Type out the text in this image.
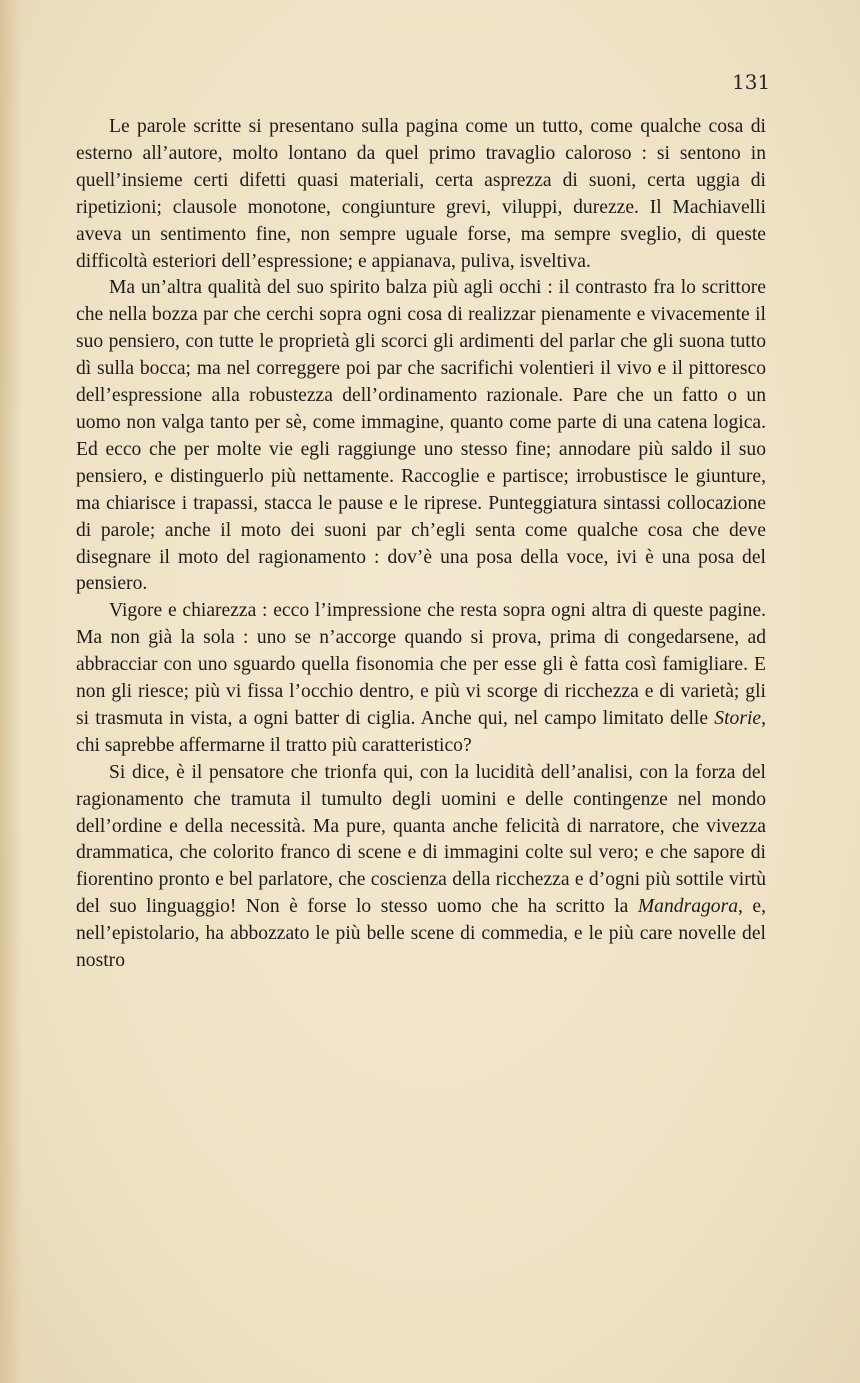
131

Le parole scritte si presentano sulla pagina come un tutto, come qualche cosa di esterno all’autore, molto lontano da quel primo travaglio caloroso : si sentono in quell’insieme certi difetti quasi materiali, certa asprezza di suoni, certa uggia di ripetizioni; clausole monotone, congiunture grevi, viluppi, durezze. Il Machiavelli aveva un sentimento fine, non sempre uguale forse, ma sempre sveglio, di queste difficoltà esteriori dell’espressione; e appianava, puliva, isveltiva.

Ma un’altra qualità del suo spirito balza più agli occhi : il contrasto fra lo scrittore che nella bozza par che cerchi sopra ogni cosa di realizzar pienamente e vivacemente il suo pensiero, con tutte le proprietà gli scorci gli ardimenti del parlar che gli suona tutto dì sulla bocca; ma nel correggere poi par che sacrifichi volentieri il vivo e il pittoresco dell’espressione alla robustezza dell’ordinamento razionale. Pare che un fatto o un uomo non valga tanto per sè, come immagine, quanto come parte di una catena logica. Ed ecco che per molte vie egli raggiunge uno stesso fine; annodare più saldo il suo pensiero, e distinguerlo più nettamente. Raccoglie e partisce; irrobustisce le giunture, ma chiarisce i trapassi, stacca le pause e le riprese. Punteggiatura sintassi collocazione di parole; anche il moto dei suoni par ch’egli senta come qualche cosa che deve disegnare il moto del ragionamento : dov’è una posa della voce, ivi è una posa del pensiero.

Vigore e chiarezza : ecco l’impressione che resta sopra ogni altra di queste pagine. Ma non già la sola : uno se n’accorge quando si prova, prima di congedarsene, ad abbracciar con uno sguardo quella fisonomia che per esse gli è fatta così famigliare. E non gli riesce; più vi fissa l’occhio dentro, e più vi scorge di ricchezza e di varietà; gli si trasmuta in vista, a ogni batter di ciglia. Anche qui, nel campo limitato delle Storie, chi saprebbe affermarne il tratto più caratteristico?

Si dice, è il pensatore che trionfa qui, con la lucidità dell’analisi, con la forza del ragionamento che tramuta il tumulto degli uomini e delle contingenze nel mondo dell’ordine e della necessità. Ma pure, quanta anche felicità di narratore, che vivezza drammatica, che colorito franco di scene e di immagini colte sul vero; e che sapore di fiorentino pronto e bel parlatore, che coscienza della ricchezza e d’ogni più sottile virtù del suo linguaggio! Non è forse lo stesso uomo che ha scritto la Mandragora, e, nell’epistolario, ha abbozzato le più belle scene di commedia, e le più care novelle del nostro
